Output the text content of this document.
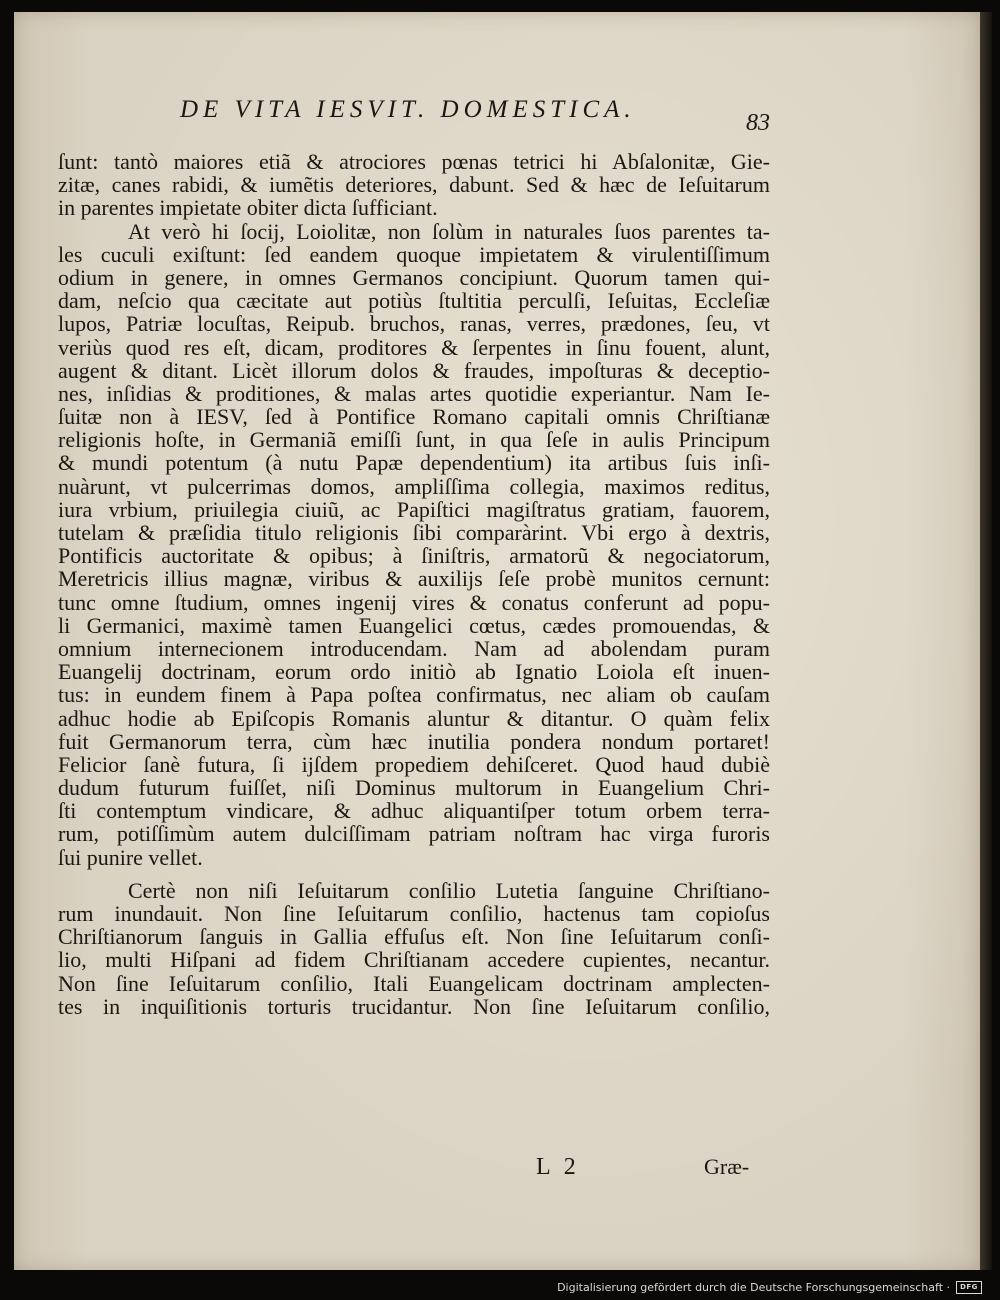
DE VITA IESVIT. DOMESTICA.	83
ſunt: tantò maiores etiã & atrociores pœnas tetrici hi Abſalonitæ, Gie-
zitæ, canes rabidi, & iumẽtis deteriores, dabunt. Sed & hæc de Ieſuitarum
in parentes impietate obiter dicta ſufficiant.
At verò hi ſocij, Loiolitæ, non ſolùm in naturales ſuos parentes ta-
les cuculi exiſtunt: ſed eandem quoque impietatem & virulentiſſimum
odium in genere, in omnes Germanos concipiunt. Quorum tamen qui-
dam, neſcio qua cæcitate aut potiùs ſtultitia perculſi, Ieſuitas, Eccleſiæ
lupos, Patriæ locuſtas, Reipub. bruchos, ranas, verres, prædones, ſeu, vt
veriùs quod res eſt, dicam, proditores & ſerpentes in ſinu fouent, alunt,
augent & ditant. Licèt illorum dolos & fraudes, impoſturas & deceptio-
nes, inſidias & proditiones, & malas artes quotidie experiantur. Nam Ie-
ſuitæ non à IESV, ſed à Pontifice Romano capitali omnis Chriſtianæ
religionis hoſte, in Germaniã emiſſi ſunt, in qua ſeſe in aulis Principum
& mundi potentum (à nutu Papæ dependentium) ita artibus ſuis inſi-
nuàrunt, vt pulcerrimas domos, ampliſſima collegia, maximos reditus,
iura vrbium, priuilegia ciuiũ, ac Papiſtici magiſtratus gratiam, fauorem,
tutelam & præſidia titulo religionis ſibi comparàrint. Vbi ergo à dextris,
Pontificis auctoritate & opibus; à ſiniſtris, armatorũ & negociatorum,
Meretricis illius magnæ, viribus & auxilijs ſeſe probè munitos cernunt:
tunc omne ſtudium, omnes ingenij vires & conatus conferunt ad popu-
li Germanici, maximè tamen Euangelici cœtus, cædes promouendas, &
omnium internecionem introducendam. Nam ad abolendam puram
Euangelij doctrinam, eorum ordo initiò ab Ignatio Loiola eſt inuen-
tus: in eundem finem à Papa poſtea confirmatus, nec aliam ob cauſam
adhuc hodie ab Epiſcopis Romanis aluntur & ditantur. O quàm felix
fuit Germanorum terra, cùm hæc inutilia pondera nondum portaret!
Felicior ſanè futura, ſi ijſdem propediem dehiſceret. Quod haud dubiè
dudum futurum fuiſſet, niſi Dominus multorum in Euangelium Chri-
ſti contemptum vindicare, & adhuc aliquantiſper totum orbem terra-
rum, potiſſimùm autem dulciſſimam patriam noſtram hac virga furoris
ſui punire vellet.
Certè non niſi Ieſuitarum conſilio Lutetia ſanguine Chriſtiano-
rum inundauit. Non ſine Ieſuitarum conſilio, hactenus tam copioſus
Chriſtianorum ſanguis in Gallia effuſus eſt. Non ſine Ieſuitarum conſi-
lio, multi Hiſpani ad fidem Chriſtianam accedere cupientes, necantur.
Non ſine Ieſuitarum conſilio, Itali Euangelicam doctrinam amplecten-
tes in inquiſitionis torturis trucidantur. Non ſine Ieſuitarum conſilio,
L 2	Græ-
Digitalisierung gefördert durch die Deutsche Forschungsgemeinschaft ·	DFG
